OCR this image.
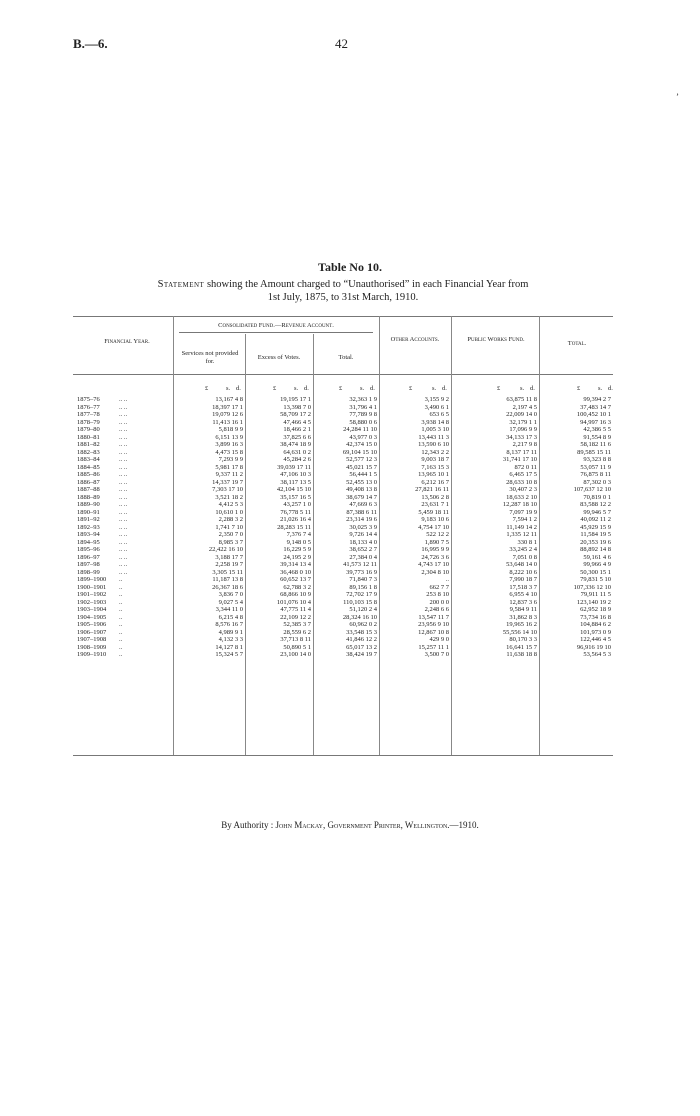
B.—6.	42
ʼ
Table No 10.
Statement showing the Amount charged to “Unauthorised” in each Financial Year from
1st July, 1875, to 31st March, 1910.
Financial Year.
Consolidated Fund.—Revenue Account.
Services not provided for.
Excess of Votes.	Total.
Other Accounts.	Public Works Fund.
Total.
£	s. d.	£	s. d.	£	s. d.	£	s. d.	£	s. d.	£	s. d.
1875–76	.. ..	13,167 4 8	19,195 17 1	32,363 1 9	3,155 9 2	63,875 11 8	99,394 2 7
1876–77	.. ..	18,397 17 1	13,398 7 0	31,796 4 1	3,490 6 1	2,197 4 5	37,483 14 7
1877–78	.. ..	19,079 12 6	58,709 17 2	77,789 9 8	653 6 5	22,009 14 0	100,452 10 1
1878–79	.. ..	11,413 16 1	47,466 4 5	58,880 0 6	3,938 14 8	32,179 1 1	94,997 16 3
1879–80	.. ..	5,818 9 9	18,466 2 1	24,284 11 10	1,005 3 10	17,096 9 9	42,386 5 5
1880–81	.. ..	6,151 13 9	37,825 6 6	43,977 0 3	13,443 11 3	34,133 17 3	91,554 8 9
1881–82	.. ..	3,899 16 3	38,474 18 9	42,374 15 0	13,590 6 10	2,217 9 8	58,182 11 6
1882–83	.. ..	4,473 15 8	64,631 0 2	69,104 15 10	12,343 2 2	8,137 17 11	89,585 15 11
1883–84	.. ..	7,293 9 9	45,284 2 6	52,577 12 3	9,003 18 7	31,741 17 10	93,323 8 8
1884–85	.. ..	5,981 17 8	39,039 17 11	45,021 15 7	7,163 15 3	872 0 11	53,057 11 9
1885–86	.. ..	9,337 11 2	47,106 10 3	56,444 1 5	13,965 10 1	6,465 17 5	76,875 8 11
1886–87	.. ..	14,337 19 7	38,117 13 5	52,455 13 0	6,212 16 7	28,633 10 8	87,302 0 3
1887–88	.. ..	7,303 17 10	42,104 15 10	49,408 13 8	27,821 16 11	30,407 2 3	107,637 12 10
1888–89	.. ..	3,521 18 2	35,157 16 5	38,679 14 7	13,506 2 8	18,633 2 10	70,819 0 1
1889–90	.. ..	4,412 5 3	43,257 1 0	47,669 6 3	23,631 7 1	12,287 18 10	83,588 12 2
1890–91	.. ..	10,610 1 0	76,778 5 11	87,388 6 11	5,459 18 11	7,097 19 9	99,946 5 7
1891–92	.. ..	2,288 3 2	21,026 16 4	23,314 19 6	9,183 10 6	7,594 1 2	40,092 11 2
1892–93	.. ..	1,741 7 10	28,283 15 11	30,025 3 9	4,754 17 10	11,149 14 2	45,929 15 9
1893–94	.. ..	2,350 7 0	7,376 7 4	9,726 14 4	522 12 2	1,335 12 11	11,584 19 5
1894–95	.. ..	8,985 3 7	9,148 0 5	18,133 4 0	1,890 7 5	330 8 1	20,353 19 6
1895–96	.. ..	22,422 16 10	16,229 5 9	38,652 2 7	16,995 9 9	33,245 2 4	88,892 14 8
1896–97	.. ..	3,188 17 7	24,195 2 9	27,384 0 4	24,726 3 6	7,051 0 8	59,161 4 6
1897–98	.. ..	2,258 19 7	39,314 13 4	41,573 12 11	4,743 17 10	53,648 14 0	99,966 4 9
1898–99	.. ..	3,305 15 11	36,468 0 10	39,773 16 9	2,304 8 10	8,222 10 6	50,300 15 1
1899–1900 ..	11,187 13 8	60,652 13 7	71,840 7 3	..	7,990 18 7	79,831 5 10
1900–1901 ..	26,367 18 6	62,788 3 2	89,156 1 8	662 7 7	17,518 3 7	107,336 12 10
1901–1902 ..	3,836 7 0	68,866 10 9	72,702 17 9	253 8 10	6,955 4 10	79,911 11 5
1902–1903 ..	9,027 5 4	101,076 10 4	110,103 15 8	200 0 0	12,837 3 6	123,140 19 2
1903–1904 ..	3,344 11 0	47,775 11 4	51,120 2 4	2,248 6 6	9,584 9 11	62,952 18 9
1904–1905 ..	6,215 4 8	22,109 12 2	28,324 16 10	13,547 11 7	31,862 8 3	73,734 16 8
1905–1906 ..	8,576 16 7	52,385 3 7	60,962 0 2	23,956 9 10	19,965 16 2	104,884 6 2
1906–1907 ..	4,989 9 1	28,559 6 2	33,548 15 3	12,867 10 8	55,556 14 10	101,973 0 9
1907–1908 ..	4,132 3 3	37,713 8 11	41,846 12 2	429 9 0	80,170 3 3	122,446 4 5
1908–1909 ..	14,127 8 1	50,890 5 1	65,017 13 2	15,257 11 1	16,641 15 7	96,916 19 10
1909–1910 ..	15,324 5 7	23,100 14 0	38,424 19 7	3,500 7 0	11,638 18 8	53,564 5 3
By Authority : John Mackay, Government Printer, Wellington.—1910.
